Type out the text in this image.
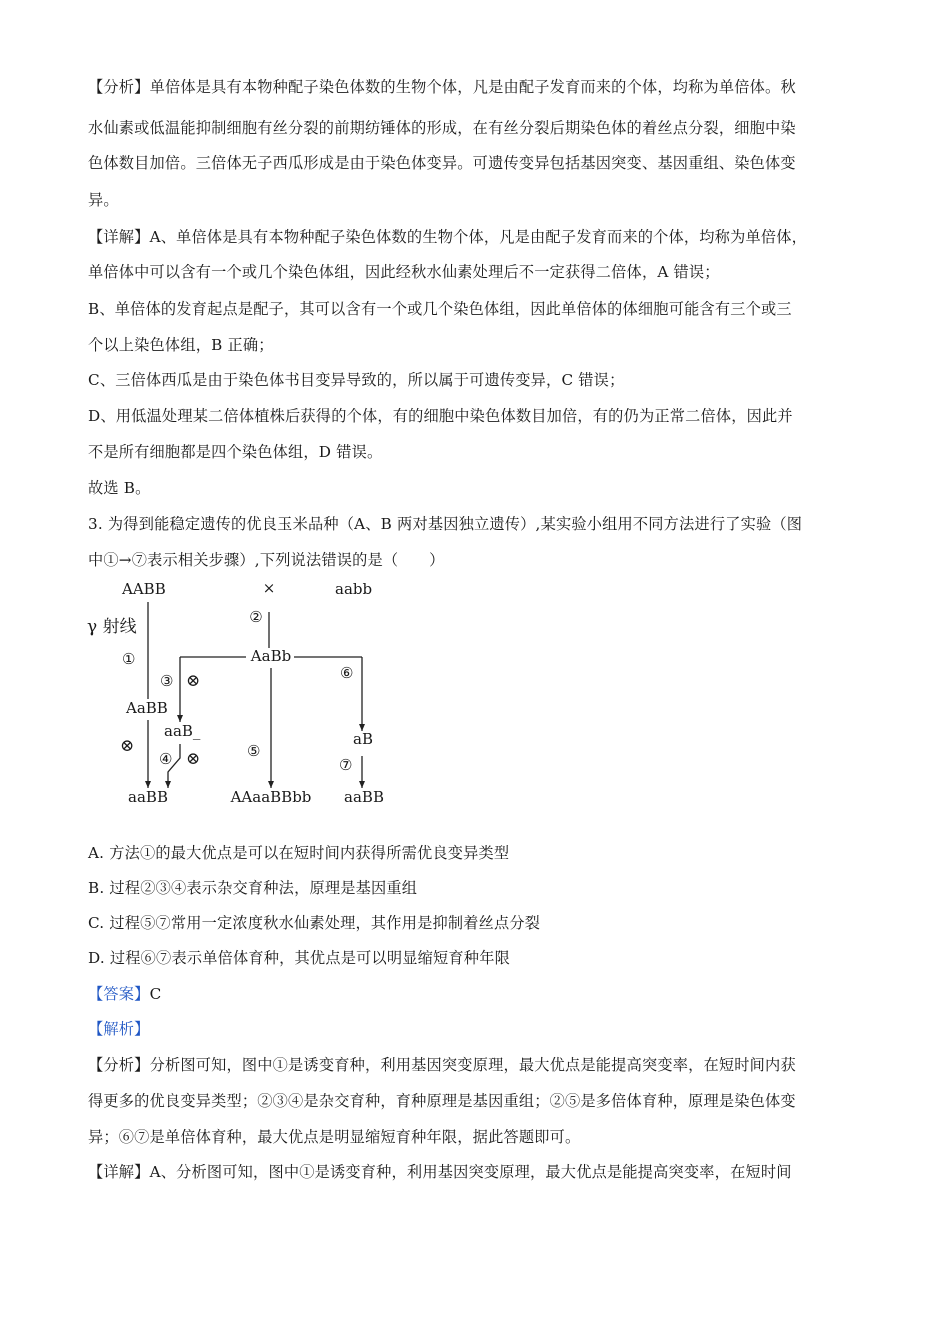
【分析】单倍体是具有本物种配子染色体数的生物个体，凡是由配子发育而来的个体，均称为单倍体。秋
水仙素或低温能抑制细胞有丝分裂的前期纺锤体的形成，在有丝分裂后期染色体的着丝点分裂，细胞中染
色体数目加倍。三倍体无子西瓜形成是由于染色体变异。可遗传变异包括基因突变、基因重组、染色体变
异。
【详解】A、单倍体是具有本物种配子染色体数的生物个体，凡是由配子发育而来的个体，均称为单倍体，
单倍体中可以含有一个或几个染色体组，因此经秋水仙素处理后不一定获得二倍体，A 错误；
B、单倍体的发育起点是配子，其可以含有一个或几个染色体组，因此单倍体的体细胞可能含有三个或三
个以上染色体组，B 正确；
C、三倍体西瓜是由于染色体书目变异导致的，所以属于可遗传变异，C 错误；
D、用低温处理某二倍体植株后获得的个体，有的细胞中染色体数目加倍，有的仍为正常二倍体，因此并
不是所有细胞都是四个染色体组，D 错误。
故选 B。
3. 为得到能稳定遗传的优良玉米品种（A、B 两对基因独立遗传）,某实验小组用不同方法进行了实验（图
中①→⑦表示相关步骤）,下列说法错误的是（　　）
AABB	×	aabb
γ 射线	②
①	AaBb
③ ⊗	⑥
AaBB
aaB_	aB
⊗
④ ⊗	⑤
⑦
aaBB	AAaaBBbb aaBB
A. 方法①的最大优点是可以在短时间内获得所需优良变异类型
B. 过程②③④表示杂交育种法，原理是基因重组
C. 过程⑤⑦常用一定浓度秋水仙素处理，其作用是抑制着丝点分裂
D. 过程⑥⑦表示单倍体育种，其优点是可以明显缩短育种年限
【答案】C
【解析】
【分析】分析图可知，图中①是诱变育种，利用基因突变原理，最大优点是能提高突变率，在短时间内获
得更多的优良变异类型；②③④是杂交育种，育种原理是基因重组；②⑤是多倍体育种，原理是染色体变
异；⑥⑦是单倍体育种，最大优点是明显缩短育种年限，据此答题即可。
【详解】A、分析图可知，图中①是诱变育种，利用基因突变原理，最大优点是能提高突变率，在短时间
